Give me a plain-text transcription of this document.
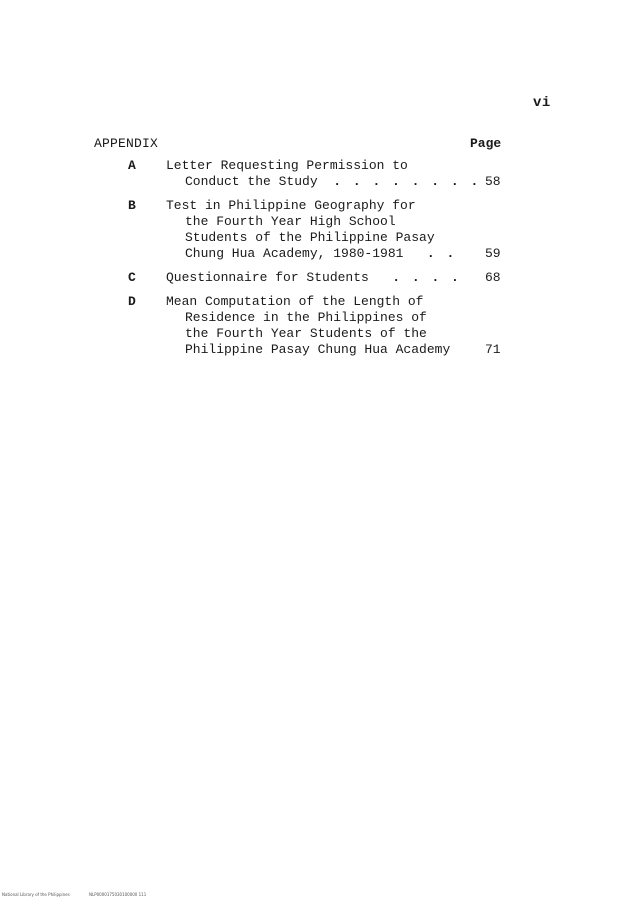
vi
APPENDIX	Page
A Letter Requesting Permission to
Conduct the Study . . . . . . . . 58
B Test in Philippine Geography for
the Fourth Year High School
Students of the Philippine Pasay
Chung Hua Academy, 1980-1981 . .	59
C Questionnaire for Students . . . .	68
D Mean Computation of the Length of
Residence in the Philippines of
the Fourth Year Students of the
Philippine Pasay Chung Hua Academy	71
National Library of the Philippines	NLP0000175030100000 111
